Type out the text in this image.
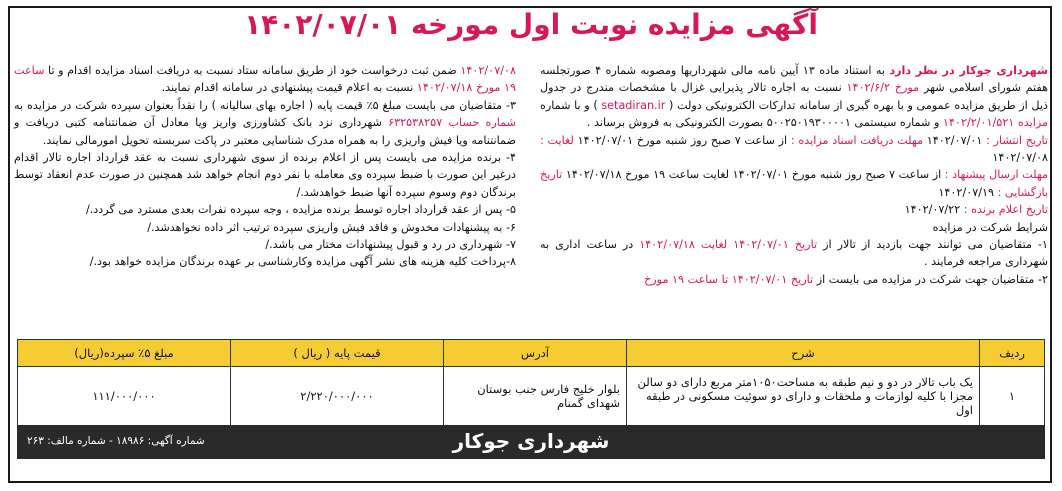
آگهی مزایده نوبت اول مورخه ۱۴۰۲/۰۷/۰۱

شهرداری جوکار در نظر دارد به استناد ماده ۱۳ آیین نامه مالی شهرداریها ومصوبه شماره ۴ صورتجلسه هفتم شورای اسلامی شهر مورخ ۱۴۰۲/۶/۲ نسبت به اجاره تالار پذیرایی غزال با مشخصات مندرج در جدول ذیل از طریق مزایده عمومی و با بهره گیری از سامانه تدارکات الکترونیکی دولت ( setadiran.ir ) و با شماره مزایده ۱۴۰۲/۲/۰۱/۵۲۱ و شماره سیستمی ۵۰۰۲۵۰۱۹۳۰۰۰۰۱ بصورت الکترونیکی به فروش برساند .

تاریخ انتشار : ۱۴۰۲/۰۷/۰۱ مهلت دریافت اسناد مزایده : از ساعت ۷ صبح روز شنبه مورخ ۱۴۰۲/۰۷/۰۱ لغایت : ۱۴۰۲/۰۷/۰۸

مهلت ارسال پیشنهاد : از ساعت ۷ صبح روز شنبه مورخ ۱۴۰۲/۰۷/۰۱ لغایت ساعت ۱۹ مورخ ۱۴۰۲/۰۷/۱۸ تاریخ بازگشایی : ۱۴۰۲/۰۷/۱۹

تاریخ اعلام برنده : ۱۴۰۲/۰۷/۲۲

شرایط شرکت در مزایده

۱- متقاضیان می توانند جهت بازدید از تالار از تاریخ ۱۴۰۲/۰۷/۰۱ لغایت ۱۴۰۲/۰۷/۱۸ در ساعت اداری به شهرداری مراجعه فرمایند .

۲- متقاضیان جهت شرکت در مزایده می بایست از تاریخ ۱۴۰۲/۰۷/۰۱ تا ساعت ۱۹ مورخ

۱۴۰۲/۰۷/۰۸ ضمن ثبت درخواست خود از طریق سامانه ستاد نسبت به دریافت اسناد مزایده اقدام و تا ساعت ۱۹ مورخ ۱۴۰۲/۰۷/۱۸ نسبت به اعلام قیمت پیشنهادی در سامانه اقدام نمایند.

۳- متقاضیان می بایست مبلغ ۵٪ قیمت پایه ( اجاره بهای سالیانه ) را نقداً بعنوان سپرده شرکت در مزایده به شماره حساب ۶۳۲۵۳۸۲۵۷ شهرداری نزد بانک کشاورزی واریز ویا معادل آن ضمانتنامه کتبی دریافت و ضمانتنامه ویا فیش واریزی را به همراه مدرک شناسایی معتبر در پاکت سربسته تحویل امورمالی نمایند.

۴- برنده مزایده می بایست پس از اعلام برنده از سوی شهرداری نسبت به عقد قرارداد اجاره تالار اقدام درغیر این صورت با ضبط سپرده وی معامله با نفر دوم انجام خواهد شد همچنین در صورت عدم انعقاد توسط برندگان دوم وسوم سپرده آنها ضبط خواهدشد./

۵- پس از عقد قرارداد اجاره توسط برنده مزایده ، وجه سپرده نفرات بعدی مسترد می گردد./

۶- به پیشنهادات مخدوش و فاقد فیش واریزی سپرده ترتیب اثر داده نخواهدشد./

۷- شهرداری در رد و قبول پیشنهادات مختار می باشد./

۸-پرداخت کلیه هزینه های نشر آگهی مزایده وکارشناسی بر عهده برندگان مزایده خواهد بود./

ردیف	شرح	آدرس	قیمت پایه ( ریال )	مبلغ ۵٪ سپرده(ریال)
۱	یک باب تالار در دو و نیم طبقه به مساحت۱۰۵۰متر مربع دارای دو سالن مجزا با کلیه لوازمات و ملحقات و دارای دو سوئیت مسکونی در طبقه اول	بلوار خلیج فارس جنب بوستان شهدای گمنام	۲/۲۲۰/۰۰۰/۰۰۰	۱۱۱/۰۰۰/۰۰۰
شهرداری جوکار
شماره آگهی: ۱۸۹۸۶ - شماره مالف: ۲۶۳
